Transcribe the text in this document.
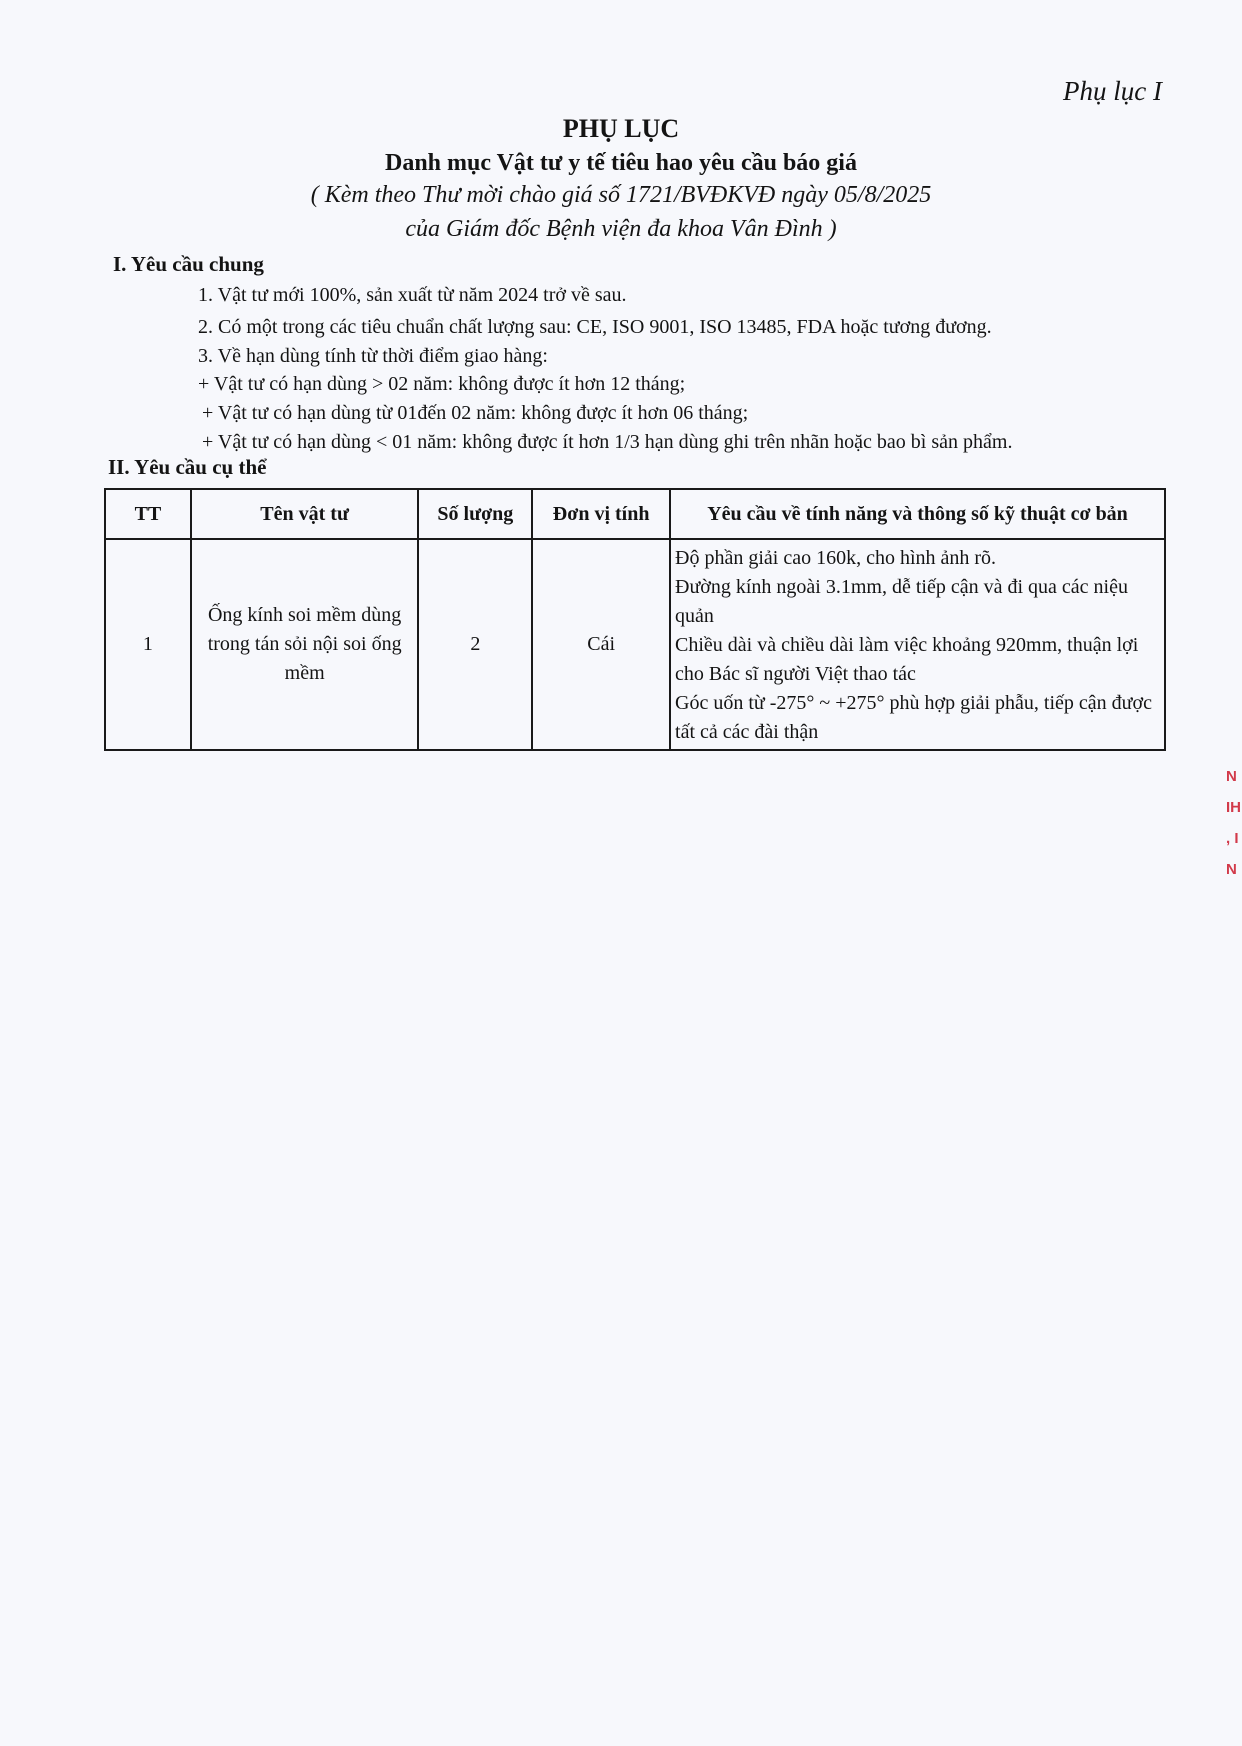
Phụ lục I
PHỤ LỤC
Danh mục Vật tư y tế tiêu hao yêu cầu báo giá
( Kèm theo Thư mời chào giá số 1721/BVĐKVĐ ngày 05/8/2025
của Giám đốc Bệnh viện đa khoa Vân Đình )
I. Yêu cầu chung
1. Vật tư mới 100%, sản xuất từ năm 2024 trở về sau.
2. Có một trong các tiêu chuẩn chất lượng sau: CE, ISO 9001, ISO 13485, FDA hoặc tương đương.
3. Về hạn dùng tính từ thời điểm giao hàng:
+ Vật tư có hạn dùng > 02 năm: không được ít hơn 12 tháng;
+ Vật tư có hạn dùng từ 01đến 02 năm: không được ít hơn 06 tháng;
+ Vật tư có hạn dùng < 01 năm: không được ít hơn 1/3 hạn dùng ghi trên nhãn hoặc bao bì sản phẩm.
II. Yêu cầu cụ thể
TT	Tên vật tư	Số lượng	Đơn vị tính	Yêu cầu về tính năng và thông số kỹ thuật cơ bản
1	Ống kính soi mềm dùng trong tán sỏi nội soi ống mềm	2	Cái	Độ phần giải cao 160k, cho hình ảnh rõ.

Đường kính ngoài 3.1mm, dễ tiếp cận và đi qua các niệu quản

Chiều dài và chiều dài làm việc khoảng 920mm, thuận lợi cho Bác sĩ người Việt thao tác

Góc uốn từ -275° ~ +275° phù hợp giải phẫu, tiếp cận được tất cả các đài thận

N
IH
, I
N
